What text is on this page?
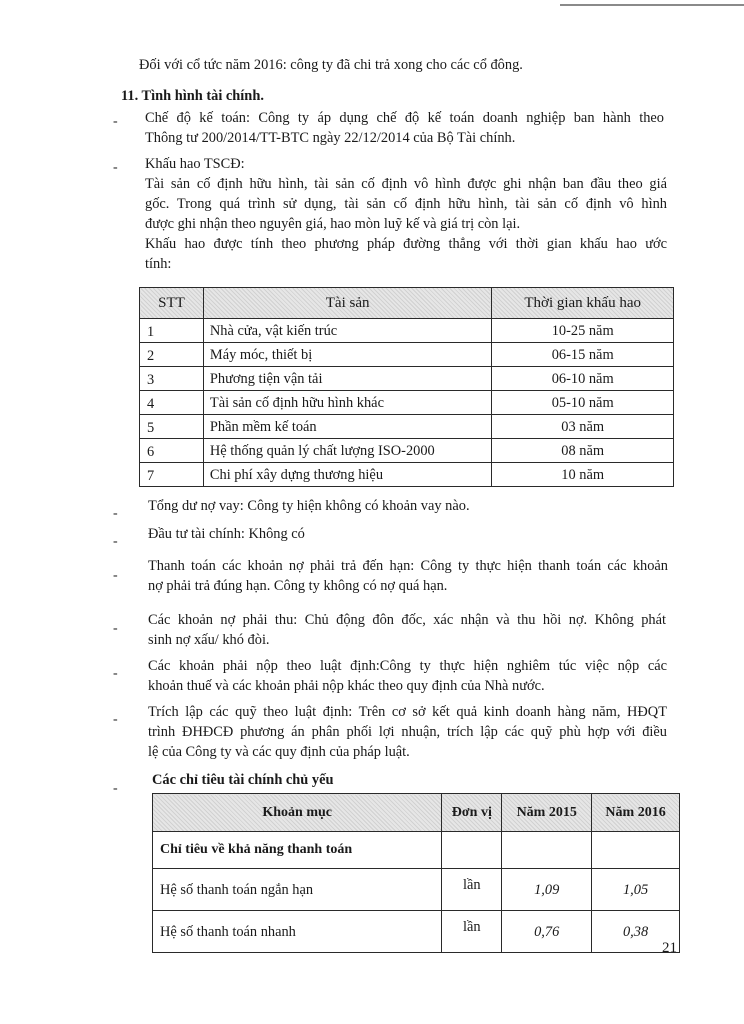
Đối với cổ tức năm 2016: công ty đã chi trả xong cho các cổ đông.

11. Tình hình tài chính.

- Chế độ kế toán: Công ty áp dụng chế độ kế toán doanh nghiệp ban hành theo
Thông tư 200/2014/TT-BTC ngày 22/12/2014 của Bộ Tài chính.
- Khấu hao TSCĐ:
Tài sản cố định hữu hình, tài sản cố định vô hình được ghi nhận ban đầu theo giá
gốc. Trong quá trình sử dụng, tài sản cố định hữu hình, tài sản cố định vô hình
được ghi nhận theo nguyên giá, hao mòn luỹ kế và giá trị còn lại.
Khấu hao được tính theo phương pháp đường thẳng với thời gian khấu hao ước
tính:
STT	Tài sản	Thời gian khấu hao
1	Nhà cửa, vật kiến trúc	10-25 năm
2	Máy móc, thiết bị	06-15 năm
3	Phương tiện vận tải	06-10 năm
4	Tài sản cố định hữu hình khác	05-10 năm
5	Phần mềm kế toán	03 năm
6	Hệ thống quản lý chất lượng ISO-2000	08 năm
7	Chi phí xây dựng thương hiệu	10 năm
- Tổng dư nợ vay: Công ty hiện không có khoản vay nào.

- Đầu tư tài chính: Không có

-
Thanh toán các khoản nợ phải trả đến hạn: Công ty thực hiện thanh toán các khoản
nợ phải trả đúng hạn. Công ty không có nợ quá hạn.
-
Các khoản nợ phải thu: Chủ động đôn đốc, xác nhận và thu hồi nợ. Không phát
sinh nợ xấu/ khó đòi.
- Các khoản phải nộp theo luật định:Công ty thực hiện nghiêm túc việc nộp các
khoản thuế và các khoản phải nộp khác theo quy định của Nhà nước.
- Trích lập các quỹ theo luật định: Trên cơ sở kết quả kinh doanh hàng năm, HĐQT
trình ĐHĐCĐ phương án phân phối lợi nhuận, trích lập các quỹ phù hợp với điều
lệ của Công ty và các quy định của pháp luật.
-

Các chỉ tiêu tài chính chủ yếu

Khoản mục	Đơn vị	Năm 2015	Năm 2016
Chỉ tiêu về khả năng thanh toán			
Hệ số thanh toán ngắn hạn	lần	1,09	1,05
Hệ số thanh toán nhanh	lần	0,76	0,38
21
